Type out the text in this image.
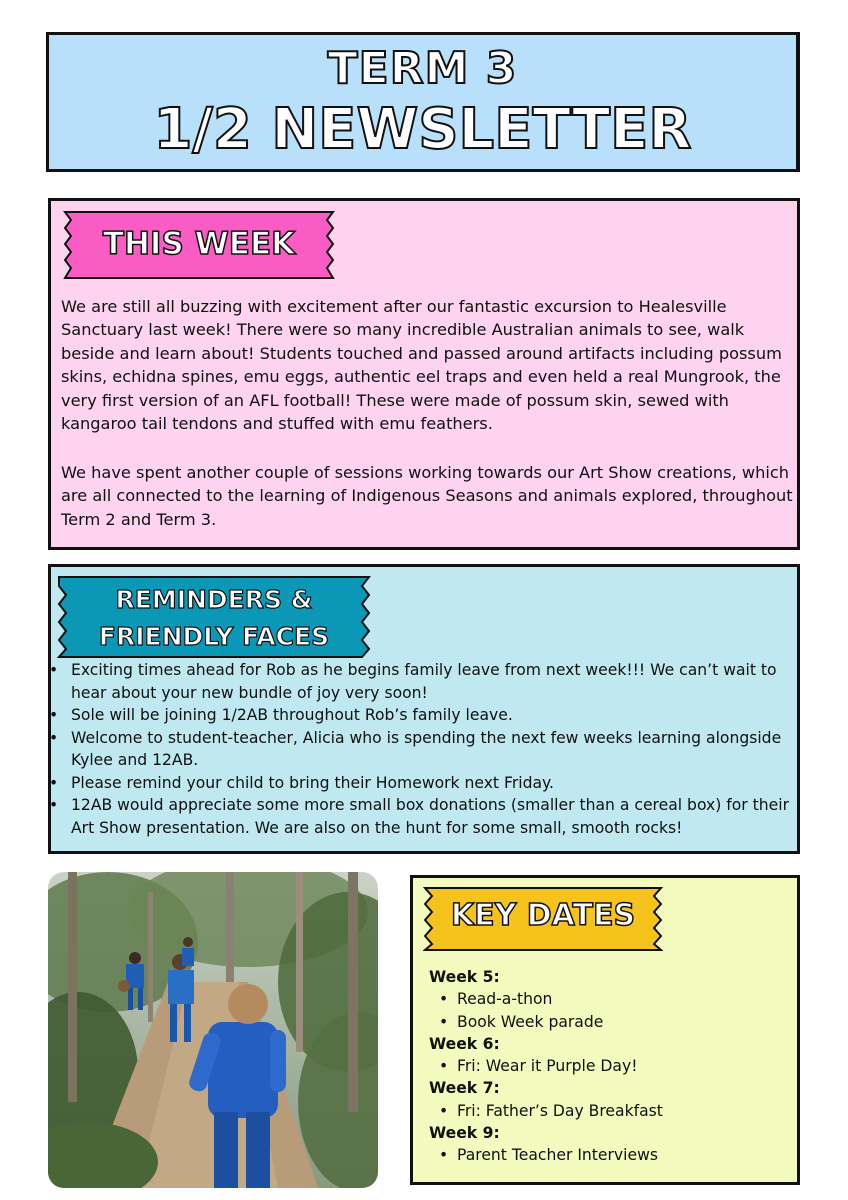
TERM 3
1/2 NEWSLETTER
THIS WEEK

We are still all buzzing with excitement after our fantastic excursion to Healesville Sanctuary last week! There were so many incredible Australian animals to see, walk beside and learn about! Students touched and passed around artifacts including possum skins, echidna spines, emu eggs, authentic eel traps and even held a real Mungrook, the very first version of an AFL football! These were made of possum skin, sewed with kangaroo tail tendons and stuffed with emu feathers.

We have spent another couple of sessions working towards our Art Show creations, which are all connected to the learning of Indigenous Seasons and animals explored, throughout Term 2 and Term 3.

REMINDERS &
FRIENDLY FACES
• Exciting times ahead for Rob as he begins family leave from next week!!! We can’t wait to hear about your new bundle of joy very soon!
• Sole will be joining 1/2AB throughout Rob’s family leave.
• Welcome to student-teacher, Alicia who is spending the next few weeks learning alongside Kylee and 12AB.
• Please remind your child to bring their Homework next Friday.
• 12AB would appreciate some more small box donations (smaller than a cereal box) for their Art Show presentation. We are also on the hunt for some small, smooth rocks!
KEY DATES
Week 5:
• Read-a-thon
• Book Week parade
Week 6:
• Fri: Wear it Purple Day!
Week 7:
• Fri: Father’s Day Breakfast
Week 9:
• Parent Teacher Interviews
